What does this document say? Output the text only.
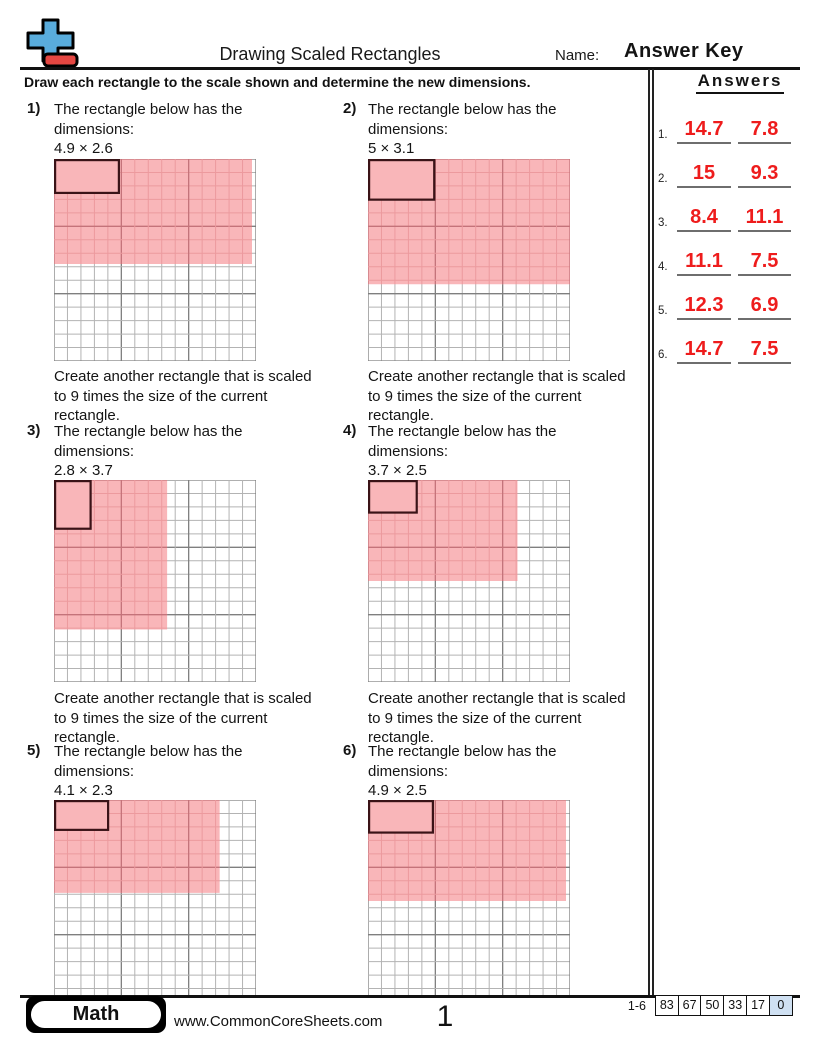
Drawing Scaled Rectangles	Name: Answer Key
Draw each rectangle to the scale shown and determine the new dimensions.	Answers
1. 14.7	7.8
2.	15	9.3
3.	8.4	11.1
4. 11.1	7.5
5. 12.3	6.9
6. 14.7	7.5
1) The rectangle below has the
dimensions:
4.9 × 2.6
Create another rectangle that is scaled
to 9 times the size of the current
rectangle.
2) The rectangle below has the
dimensions:
5 × 3.1
Create another rectangle that is scaled
to 9 times the size of the current
rectangle.
3) The rectangle below has the
dimensions:
2.8 × 3.7
Create another rectangle that is scaled
to 9 times the size of the current
rectangle.
4) The rectangle below has the
dimensions:
3.7 × 2.5
Create another rectangle that is scaled
to 9 times the size of the current
rectangle.
5) The rectangle below has the
dimensions:
4.1 × 2.3
6) The rectangle below has the
dimensions:
4.9 × 2.5
Math	www.CommonCoreSheets.com	1	1-6	83 67 50 33 17 0
